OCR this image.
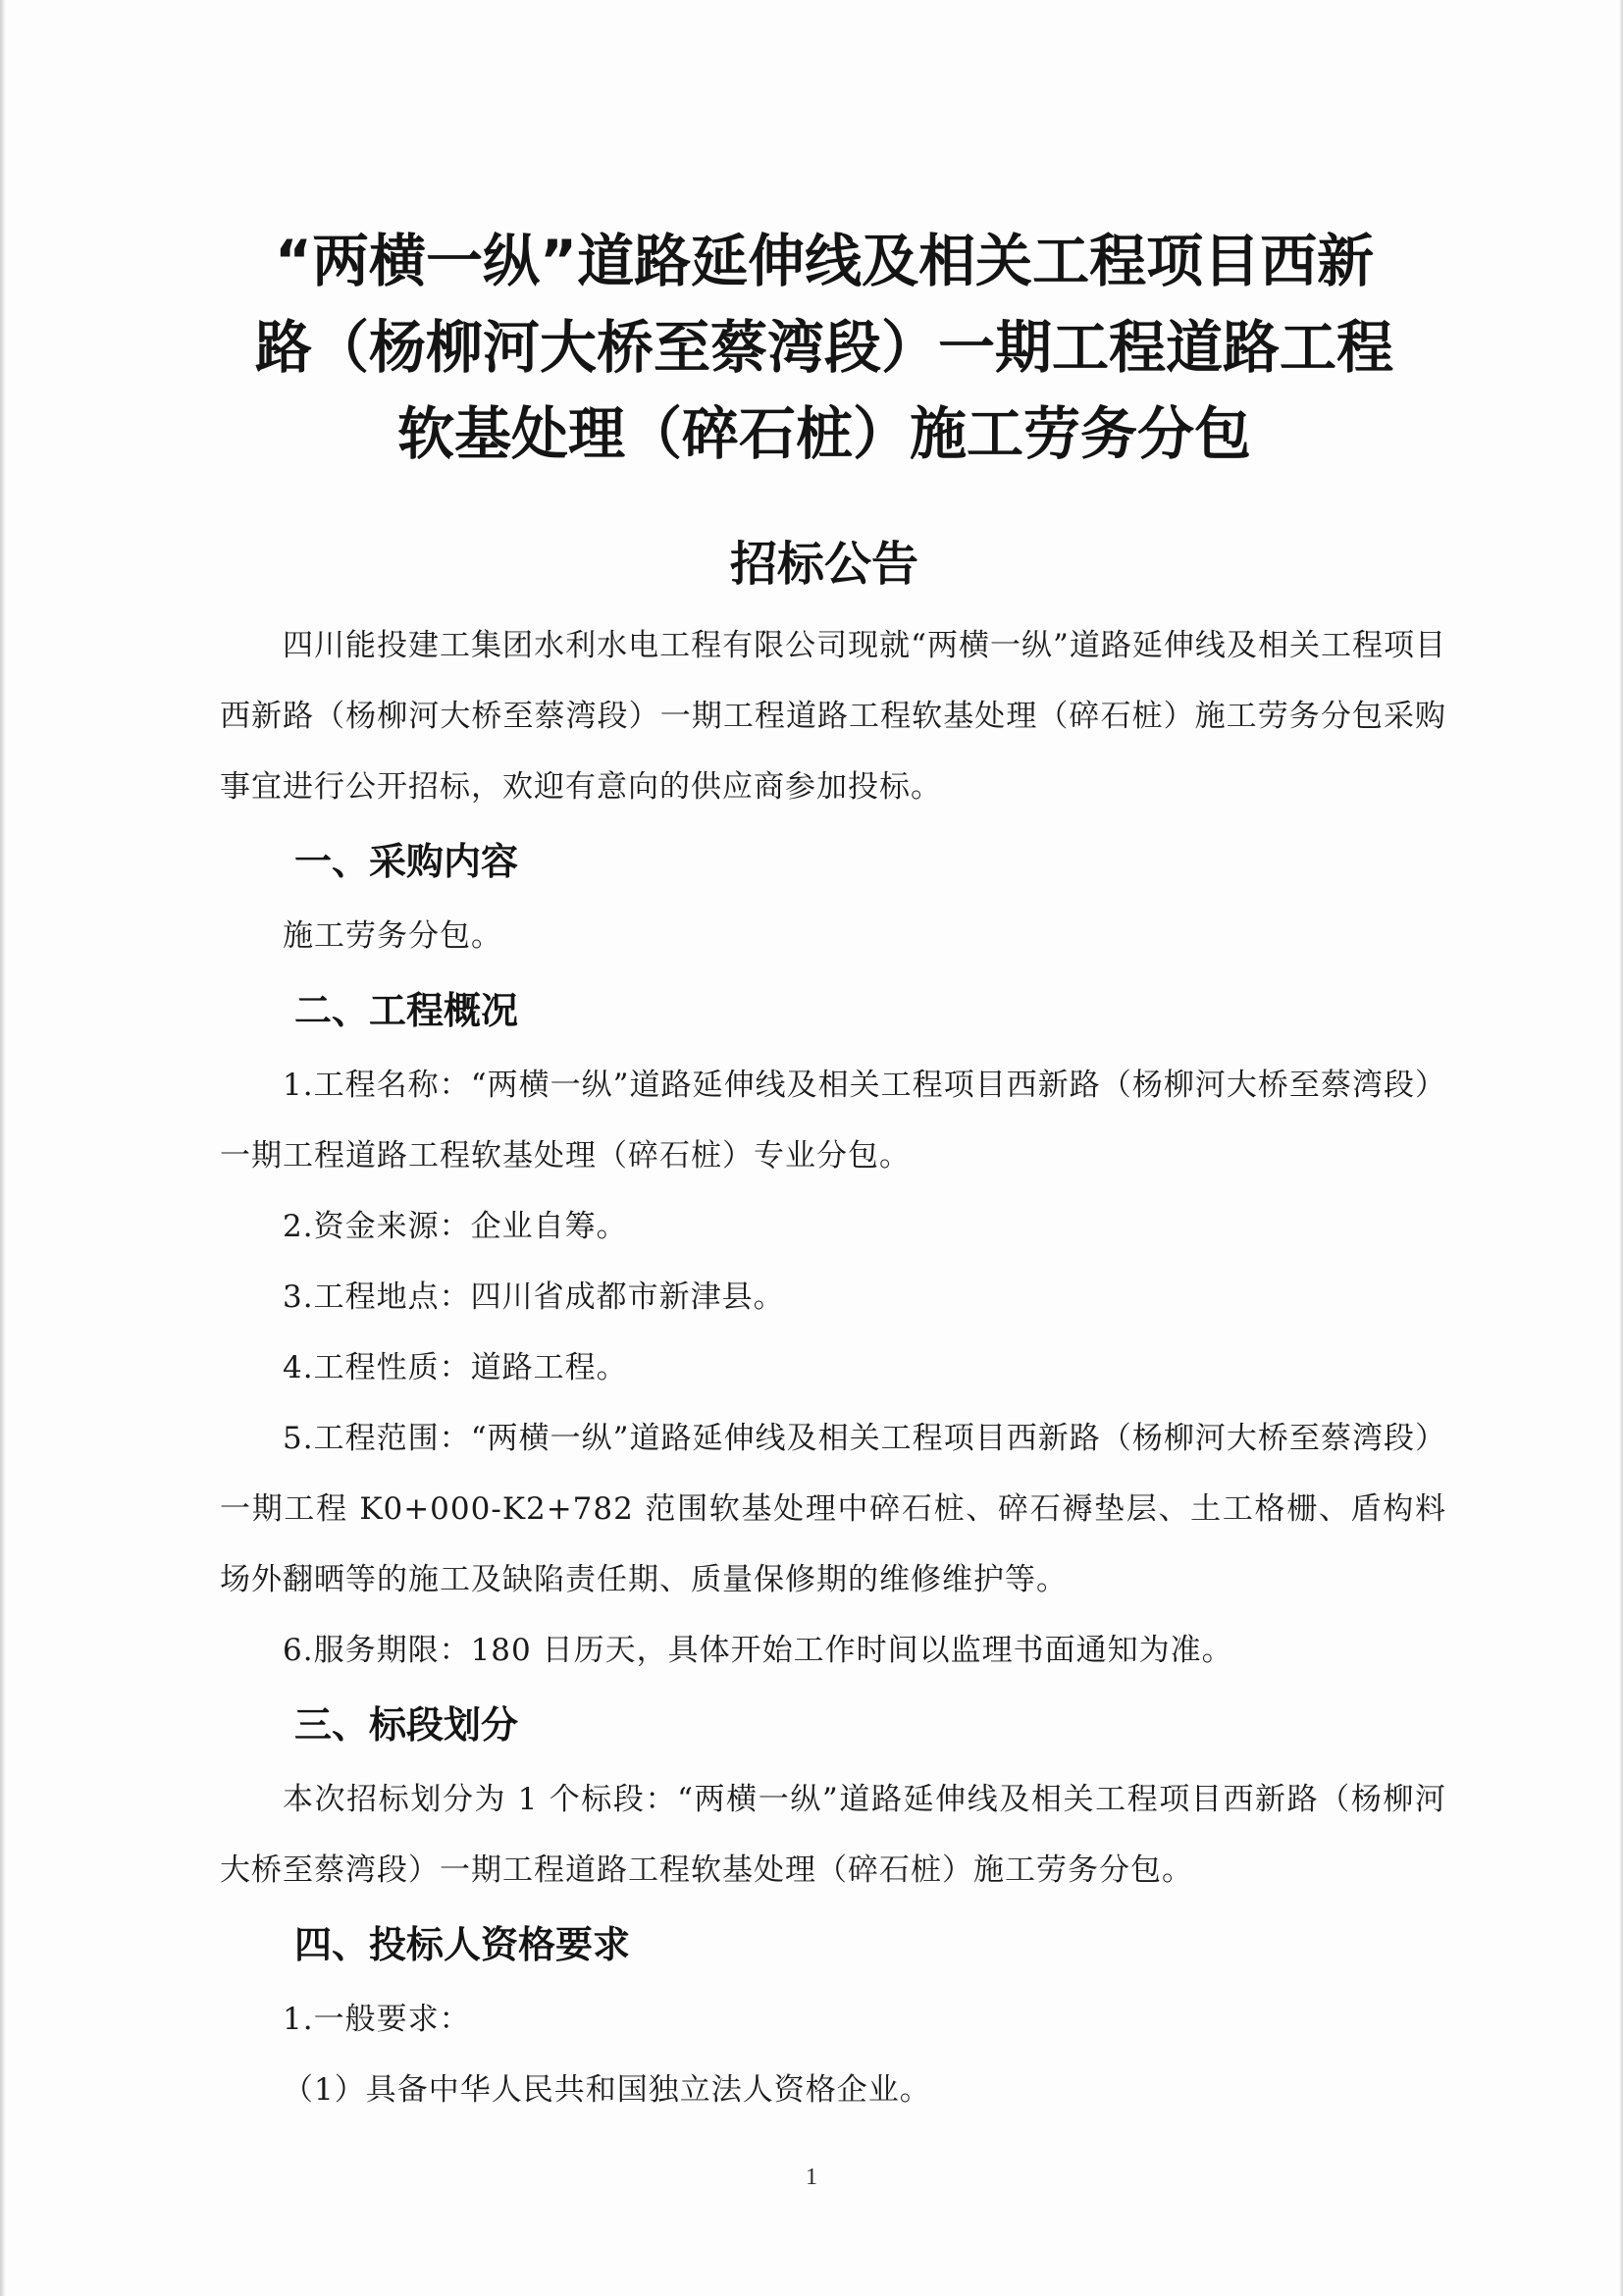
“两横一纵”道路延伸线及相关工程项目西新
路（杨柳河大桥至蔡湾段）一期工程道路工程
软基处理（碎石桩）施工劳务分包
招标公告

四川能投建工集团水利水电工程有限公司现就“两横一纵”道路延伸线及相关工程项目西新路（杨柳河大桥至蔡湾段）一期工程道路工程软基处理（碎石桩）施工劳务分包采购事宜进行公开招标，欢迎有意向的供应商参加投标。

一、采购内容

施工劳务分包。

二、工程概况

1.工程名称：“两横一纵”道路延伸线及相关工程项目西新路（杨柳河大桥至蔡湾段）一期工程道路工程软基处理（碎石桩）专业分包。

2.资金来源：企业自筹。

3.工程地点：四川省成都市新津县。

4.工程性质：道路工程。

5.工程范围：“两横一纵”道路延伸线及相关工程项目西新路（杨柳河大桥至蔡湾段）一期工程 K0+000-K2+782 范围软基处理中碎石桩、碎石褥垫层、土工格栅、盾构料场外翻晒等的施工及缺陷责任期、质量保修期的维修维护等。

6.服务期限：180 日历天，具体开始工作时间以监理书面通知为准。

三、标段划分

本次招标划分为 1 个标段：“两横一纵”道路延伸线及相关工程项目西新路（杨柳河大桥至蔡湾段）一期工程道路工程软基处理（碎石桩）施工劳务分包。

四、投标人资格要求

1.一般要求：

（1）具备中华人民共和国独立法人资格企业。

1
